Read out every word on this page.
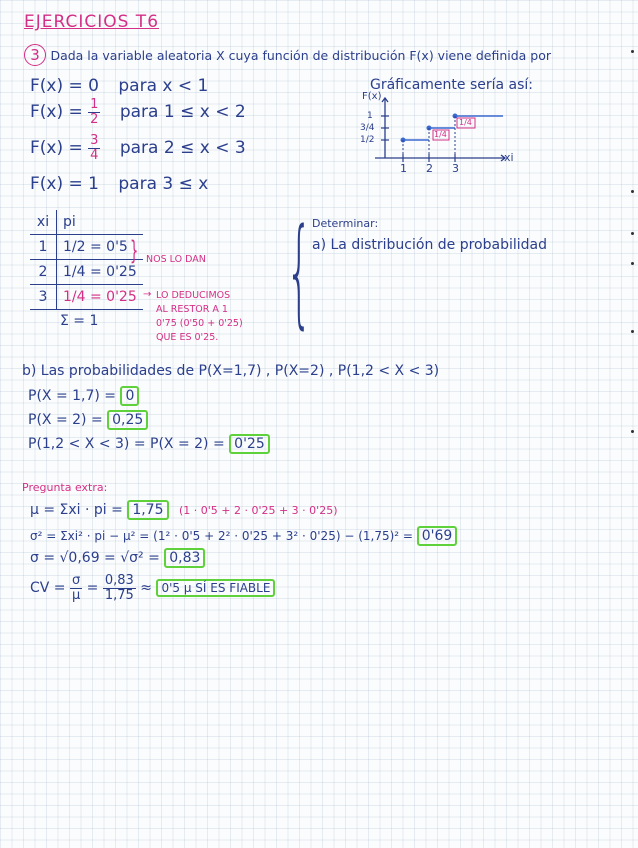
EJERCICIOS T6
3 Dada la variable aleatoria X cuya función de distribución F(x) viene definida por
F(x) = 0 para x < 1
$F(x) = \frac{1}{2}$ para 1 ≤ x < 2
$F(x) = \frac{3}{4}$ para 2 ≤ x < 3
F(x) = 1 para 3 ≤ x
Gráficamente sería así:
F(x)
1
3/4
1/2
1 2 3
xi
1/4
1/4
xi	pi
1	1/2 = 0'5
2	1/4 = 0'25
3	1/4 = 0'25
Σ = 1
} NOS LO DAN
→ LO DEDUCIMOS
AL RESTOR A 1
0'75 (0'50 + 0'25)
QUE ES 0'25. { Determinar:
a) La distribución de probabilidad
b) Las probabilidades de P(X=1,7) , P(X=2) , P(1,2 < X < 3)
P(X = 1,7) = 0
P(X = 2) = 0,25
P(1,2 < X < 3) = P(X = 2) = 0'25
Pregunta extra:
μ = Σxi · pi = 1,75 (1 · 0'5 + 2 · 0'25 + 3 · 0'25)
σ² = Σxi² · pi − μ² = (1² · 0'5 + 2² · 0'25 + 3² · 0'25) − (1,75)² = 0'69
σ = √0,69 = √σ² = 0,83
CV = $\frac{\sigma}{\mu} = \frac{0,83}{1,75} \approx 0'5$ μ SÍ ES FIABLE
